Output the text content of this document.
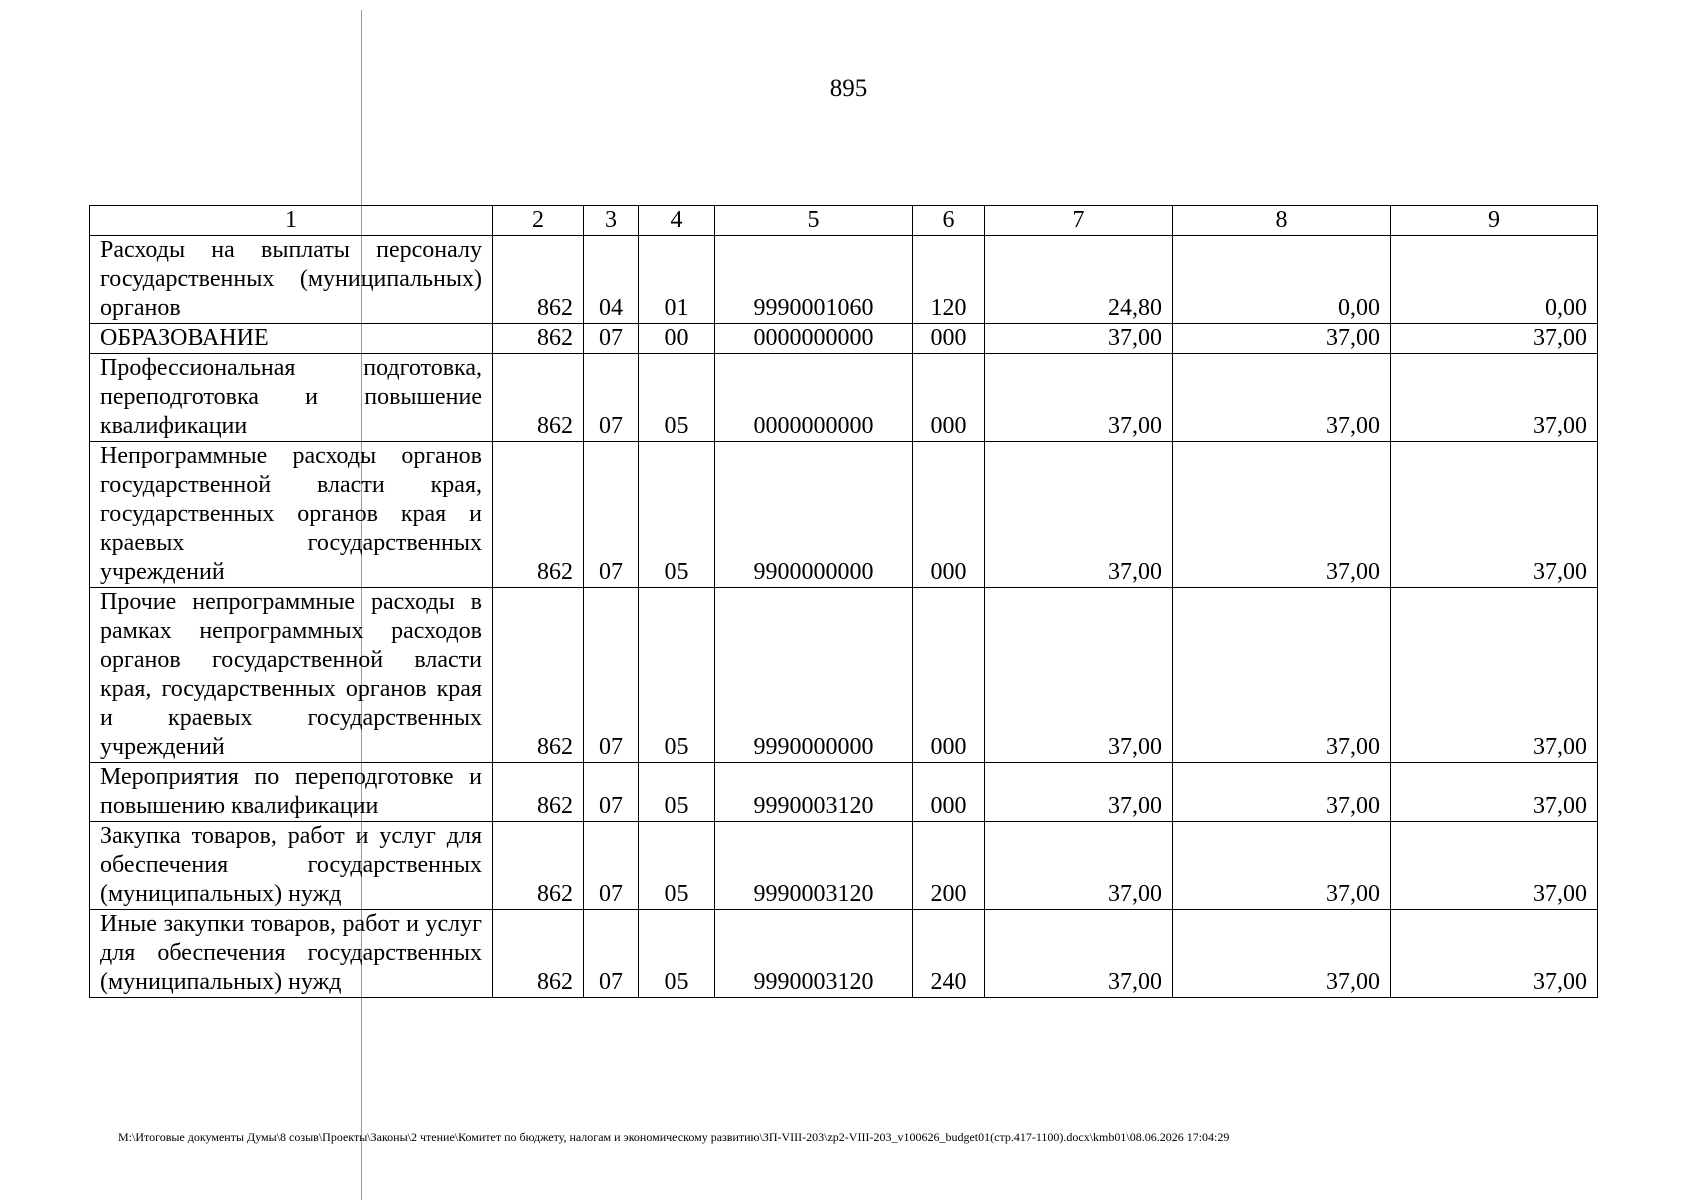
895
1	2	3	4	5	6	7	8	9
Расходы на выплаты персоналу государственных (муниципальных) органов	862	04	01	9990001060	120	24,80	0,00	0,00
ОБРАЗОВАНИЕ	862	07	00	0000000000	000	37,00	37,00	37,00
Профессиональная подготовка, переподготовка и повышение квалификации	862	07	05	0000000000	000	37,00	37,00	37,00
Непрограммные расходы органов государственной власти края, государственных органов края и краевых государственных учреждений	862	07	05	9900000000	000	37,00	37,00	37,00
Прочие непрограммные расходы в рамках непрограммных расходов органов государственной власти края, государственных органов края и краевых государственных учреждений	862	07	05	9990000000	000	37,00	37,00	37,00
Мероприятия по переподготовке и повышению квалификации	862	07	05	9990003120	000	37,00	37,00	37,00
Закупка товаров, работ и услуг для обеспечения государственных (муниципальных) нужд	862	07	05	9990003120	200	37,00	37,00	37,00
Иные закупки товаров, работ и услуг для обеспечения государственных (муниципальных) нужд	862	07	05	9990003120	240	37,00	37,00	37,00
M:\Итоговые документы Думы\8 созыв\Проекты\Законы\2 чтение\Комитет по бюджету, налогам и экономическому развитию\ЗП-VIII-203\zp2-VIII-203_v100626_budget01(стр.417-1100).docx\kmb01\08.06.2026 17:04:29
